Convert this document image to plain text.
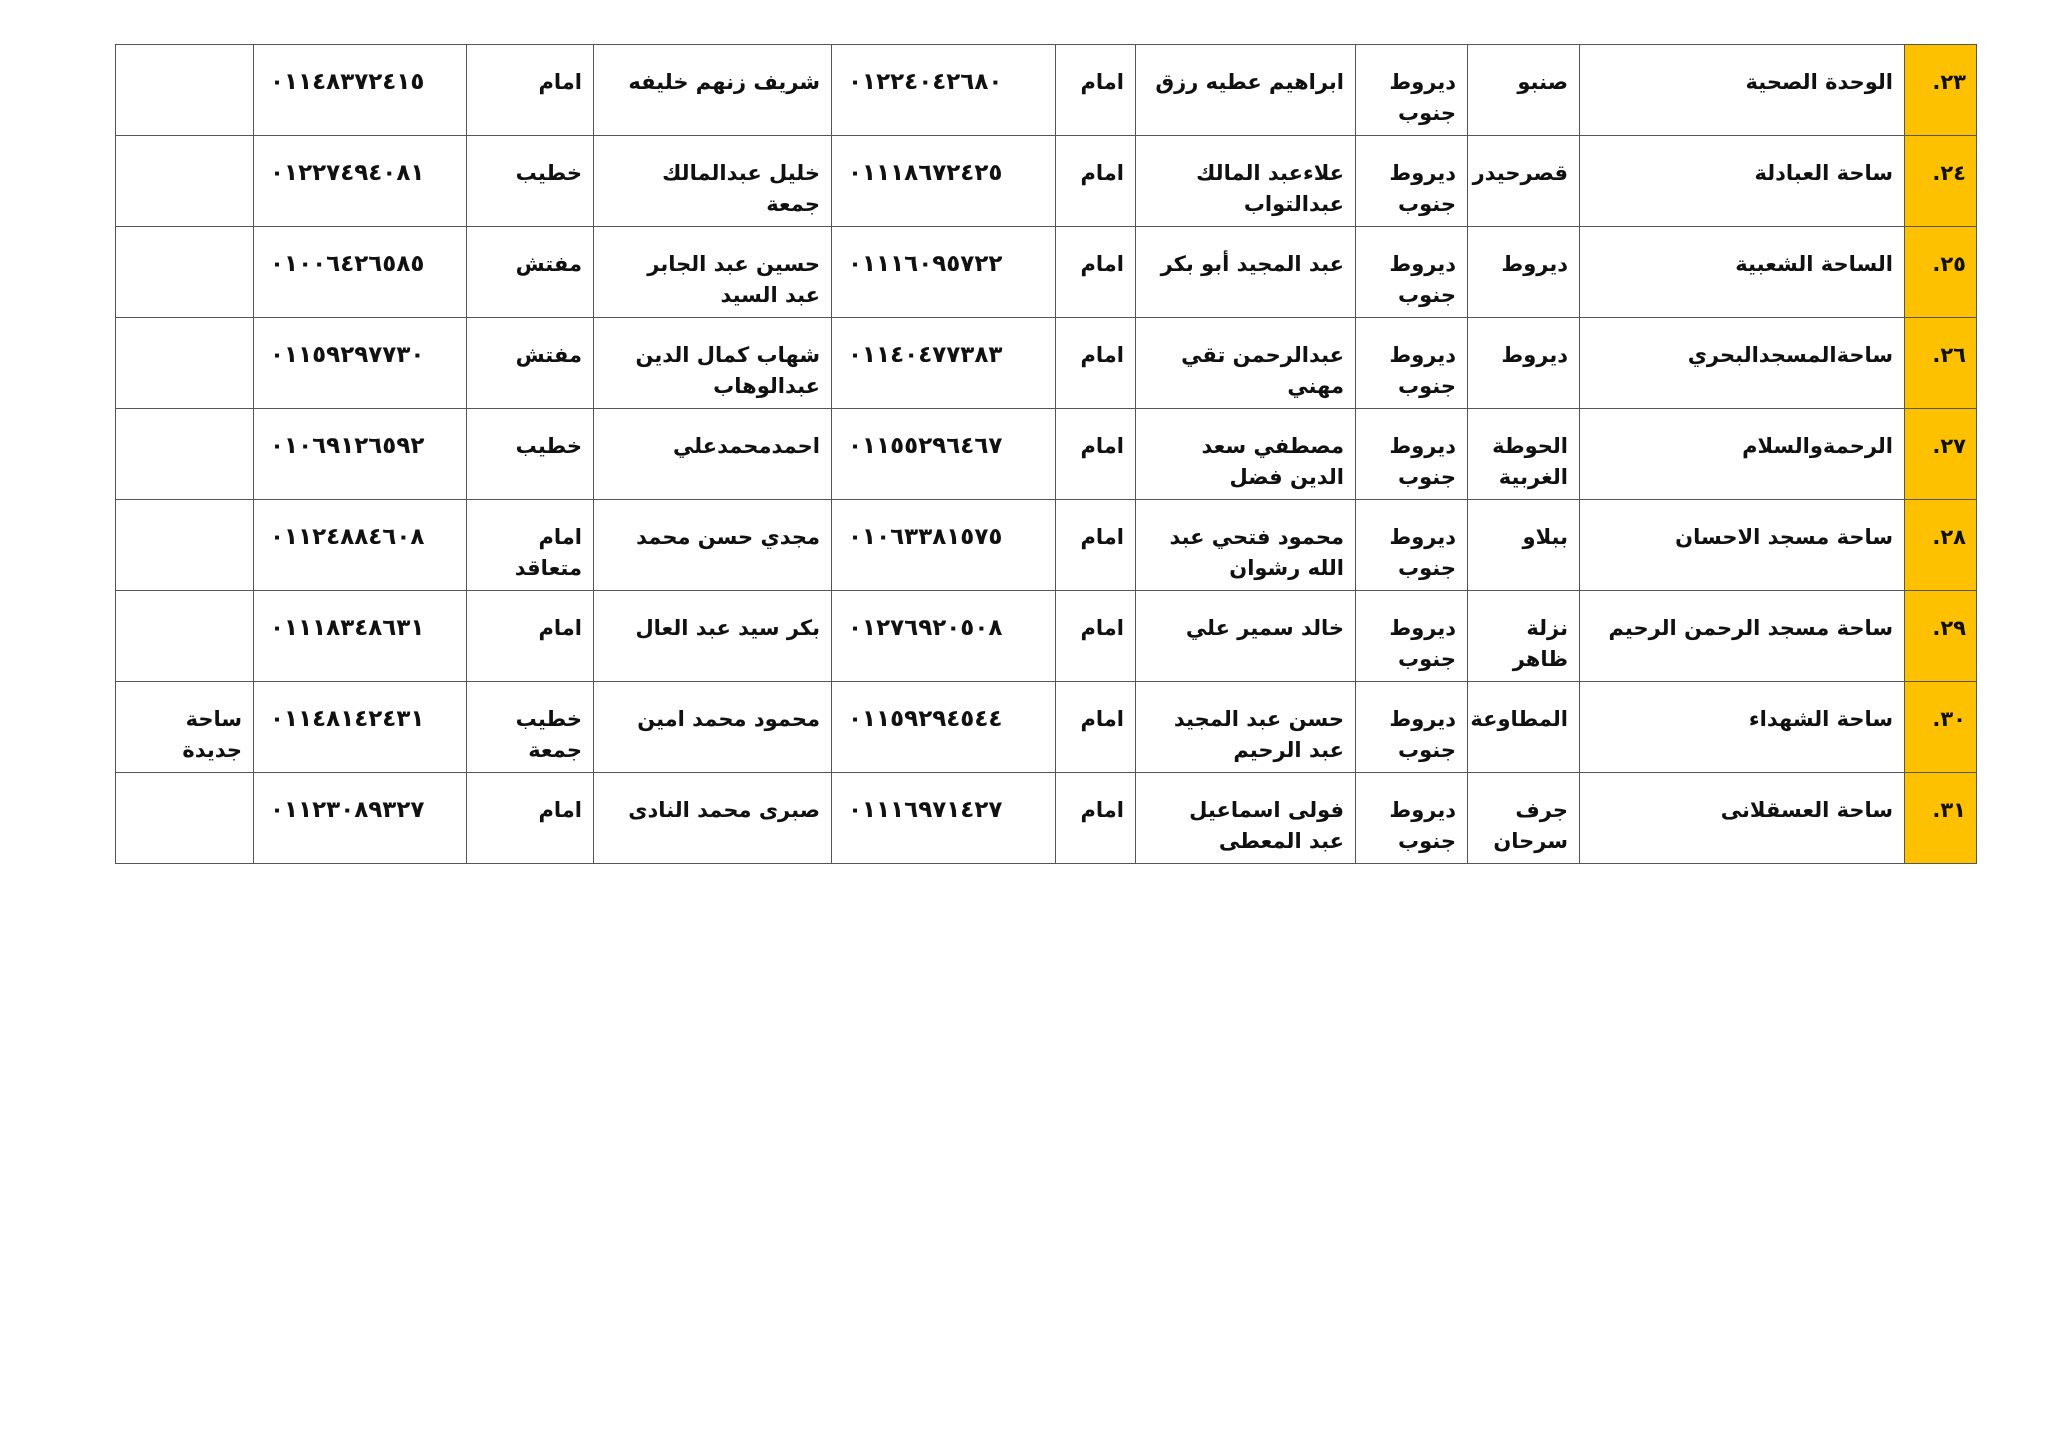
٢٣.	الوحدة الصحية	صنبو	ديروط جنوب	ابراهيم عطيه رزق	امام	٠١٢٢٤٠٤٢٦٨٠	شريف زنهم خليفه	امام	٠١١٤٨٣٧٢٤١٥	
٢٤.	ساحة العبادلة	قصرحيدر	ديروط جنوب	علاءعبد المالك عبدالتواب	امام	٠١١١٨٦٧٢٤٢٥	خليل عبدالمالك جمعة	خطيب	٠١٢٢٧٤٩٤٠٨١	
٢٥.	الساحة الشعبية	ديروط	ديروط جنوب	عبد المجيد أبو بكر	امام	٠١١١٦٠٩٥٧٢٢	حسين عبد الجابر عبد السيد	مفتش	٠١٠٠٦٤٢٦٥٨٥	
٢٦.	ساحةالمسجدالبحري	ديروط	ديروط جنوب	عبدالرحمن تقي مهني	امام	٠١١٤٠٤٧٧٣٨٣	شهاب كمال الدين عبدالوهاب	مفتش	٠١١٥٩٢٩٧٧٣٠	
٢٧.	الرحمةوالسلام	الحوطة الغربية	ديروط جنوب	مصطفي سعد الدين فضل	امام	٠١١٥٥٢٩٦٤٦٧	احمدمحمدعلي	خطيب	٠١٠٦٩١٢٦٥٩٢	
٢٨.	ساحة مسجد الاحسان	ببلاو	ديروط جنوب	محمود فتحي عبد الله رشوان	امام	٠١٠٦٣٣٨١٥٧٥	مجدي حسن محمد	امام متعاقد	٠١١٢٤٨٨٤٦٠٨	
٢٩.	ساحة مسجد الرحمن الرحيم	نزلة ظاهر	ديروط جنوب	خالد سمير علي	امام	٠١٢٧٦٩٢٠٥٠٨	بكر سيد عبد العال	امام	٠١١١٨٣٤٨٦٣١	
٣٠.	ساحة الشهداء	المطاوعة	ديروط جنوب	حسن عبد المجيد عبد الرحيم	امام	٠١١٥٩٢٩٤٥٤٤	محمود محمد امين	خطيب جمعة	٠١١٤٨١٤٢٤٣١	ساحة جديدة
٣١.	ساحة العسقلانى	جرف سرحان	ديروط جنوب	فولى اسماعيل عبد المعطى	امام	٠١١١٦٩٧١٤٢٧	صبرى محمد النادى	امام	٠١١٢٣٠٨٩٣٢٧	
